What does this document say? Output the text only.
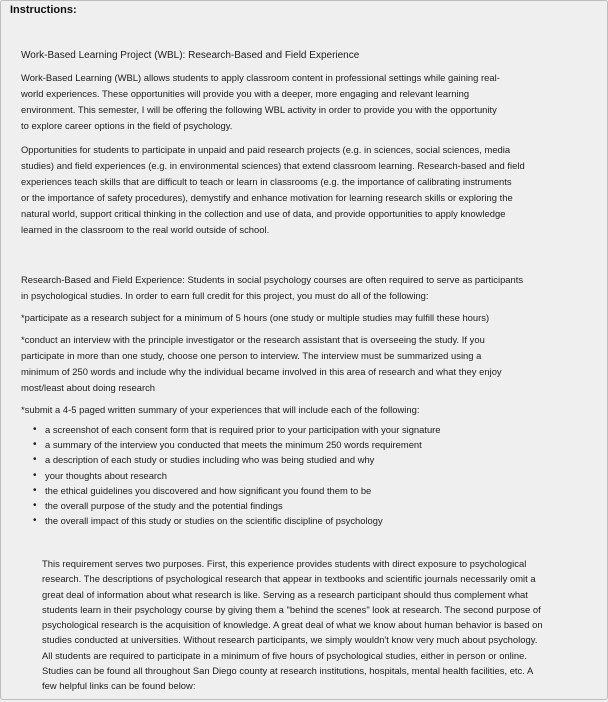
Instructions:
Work-Based Learning Project (WBL): Research-Based and Field Experience

Work-Based Learning (WBL) allows students to apply classroom content in professional settings while gaining real-
world experiences. These opportunities will provide you with a deeper, more engaging and relevant learning
environment. This semester, I will be offering the following WBL activity in order to provide you with the opportunity
to explore career options in the field of psychology.

Opportunities for students to participate in unpaid and paid research projects (e.g. in sciences, social sciences, media
studies) and field experiences (e.g. in environmental sciences) that extend classroom learning. Research-based and field
experiences teach skills that are difficult to teach or learn in classrooms (e.g. the importance of calibrating instruments
or the importance of safety procedures), demystify and enhance motivation for learning research skills or exploring the
natural world, support critical thinking in the collection and use of data, and provide opportunities to apply knowledge
learned in the classroom to the real world outside of school.

Research-Based and Field Experience: Students in social psychology courses are often required to serve as participants
in psychological studies. In order to earn full credit for this project, you must do all of the following:

*participate as a research subject for a minimum of 5 hours (one study or multiple studies may fulfill these hours)

*conduct an interview with the principle investigator or the research assistant that is overseeing the study. If you
participate in more than one study, choose one person to interview. The interview must be summarized using a
minimum of 250 words and include why the individual became involved in this area of research and what they enjoy
most/least about doing research

*submit a 4-5 paged written summary of your experiences that will include each of the following:

• a screenshot of each consent form that is required prior to your participation with your signature
• a summary of the interview you conducted that meets the minimum 250 words requirement
• a description of each study or studies including who was being studied and why
• your thoughts about research
• the ethical guidelines you discovered and how significant you found them to be
• the overall purpose of the study and the potential findings
• the overall impact of this study or studies on the scientific discipline of psychology

This requirement serves two purposes. First, this experience provides students with direct exposure to psychological
research. The descriptions of psychological research that appear in textbooks and scientific journals necessarily omit a
great deal of information about what research is like. Serving as a research participant should thus complement what
students learn in their psychology course by giving them a "behind the scenes" look at research. The second purpose of
psychological research is the acquisition of knowledge. A great deal of what we know about human behavior is based on
studies conducted at universities. Without research participants, we simply wouldn't know very much about psychology.
All students are required to participate in a minimum of five hours of psychological studies, either in person or online.
Studies can be found all throughout San Diego county at research institutions, hospitals, mental health facilities, etc. A
few helpful links can be found below:
